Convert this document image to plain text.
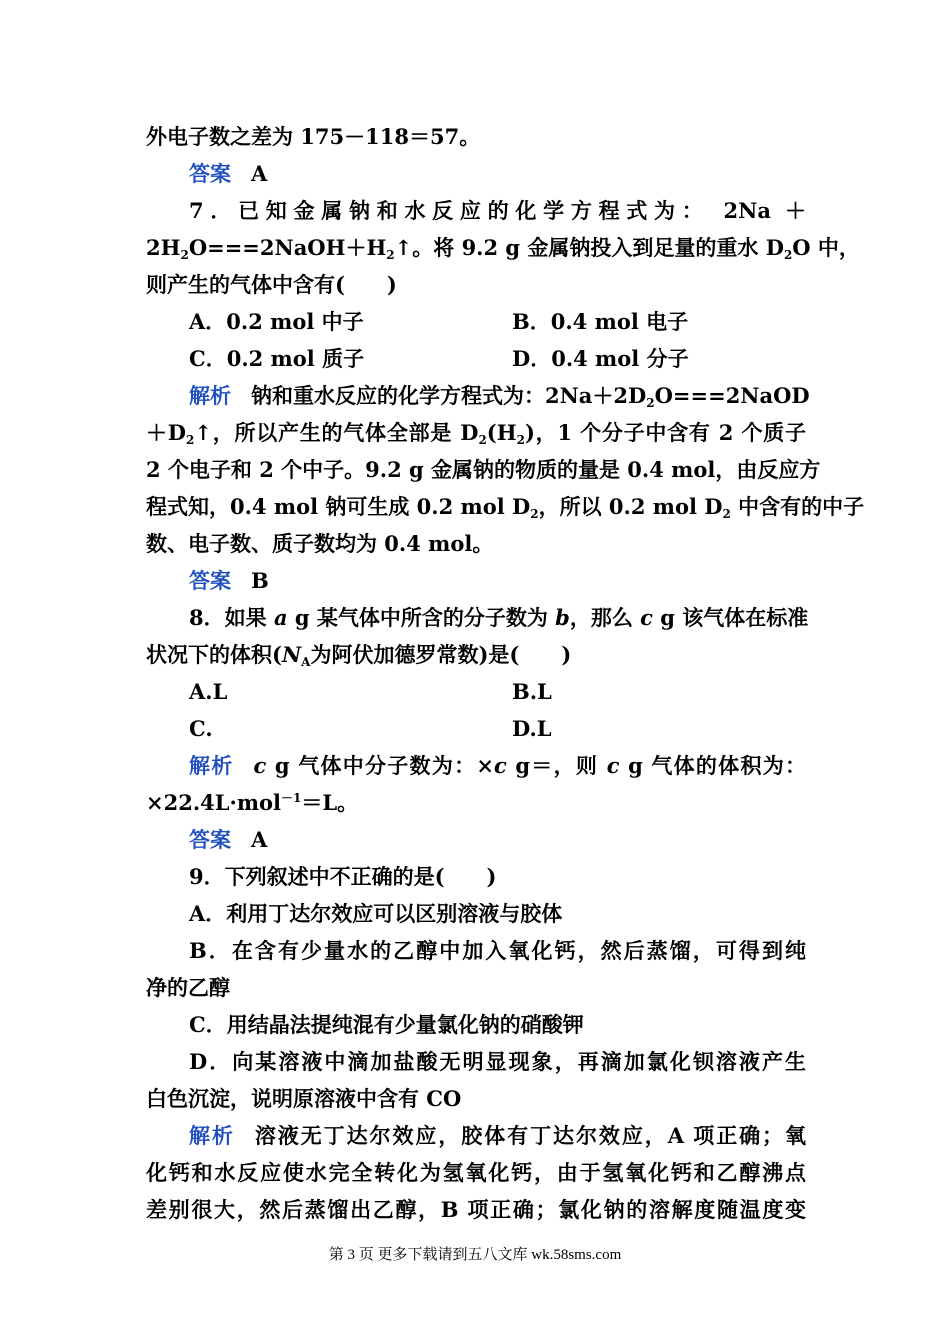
外电子数之差为 175－118＝57。
答案 A
7．已知金属钠和水反应的化学方程式为： 2Na ＋
$2H_2O===2NaOH+H_2↑$。将 9.2 g 金属钠投入到足量的重水 $D_2O$ 中，
则产生的气体中含有(　　)
A．0.2 mol 中子	B．0.4 mol 电子
C．0.2 mol 质子	D．0.4 mol 分子
解析 钠和重水反应的化学方程式为：$2Na+2D_2O===2NaOD$
$+D_2↑$，所以产生的气体全部是 $D_2(H_2)$，1 个分子中含有 2 个质子
2 个电子和 2 个中子。9.2 g 金属钠的物质的量是 0.4 mol，由反应方
程式知，0.4 mol 钠可生成 0.2 mol $D_2$，所以 0.2 mol $D_2$ 中含有的中子
数、电子数、质子数均为 0.4 mol。
答案 B
8．如果 a g 某气体中所含的分子数为 b，那么 c g 该气体在标准
状况下的体积($N_A$为阿伏加德罗常数)是(　　)
A.L	B.L
C.	D.L
解析 c g 气体中分子数为：×c g＝，则 c g 气体的体积为：
×22.4L·mol$^{-1}$＝L。
答案 A
9．下列叙述中不正确的是(　　)
A．利用丁达尔效应可以区别溶液与胶体
B．在含有少量水的乙醇中加入氧化钙，然后蒸馏，可得到纯
净的乙醇
C．用结晶法提纯混有少量氯化钠的硝酸钾
D．向某溶液中滴加盐酸无明显现象，再滴加氯化钡溶液产生
白色沉淀，说明原溶液中含有 CO
解析 溶液无丁达尔效应，胶体有丁达尔效应，A 项正确；氧
化钙和水反应使水完全转化为氢氧化钙，由于氢氧化钙和乙醇沸点
差别很大，然后蒸馏出乙醇，B 项正确；氯化钠的溶解度随温度变
第 3 页 更多下载请到五八文库 wk.58sms.com
